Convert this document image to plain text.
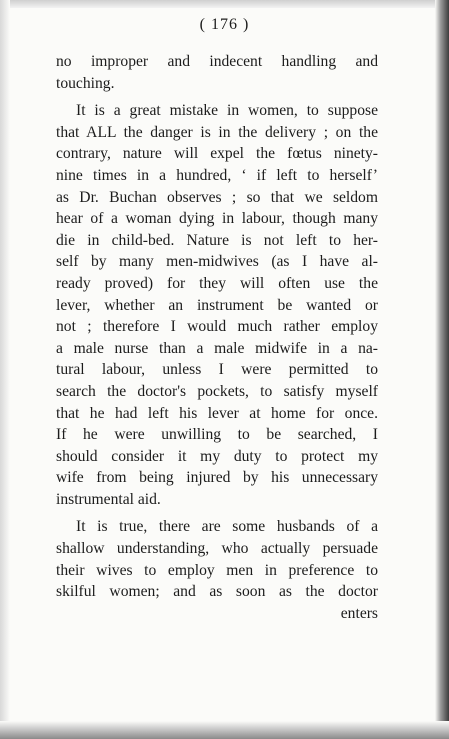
( 176 )
no improper and indecent handling and
touching.
It is a great mistake in women, to suppose
that ALL the danger is in the delivery ; on the
contrary, nature will expel the fœtus ninety-
nine times in a hundred, ‘ if left to herself’
as Dr. Buchan observes ; so that we seldom
hear of a woman dying in labour, though many
die in child-bed. Nature is not left to her-
self by many men-midwives (as I have al-
ready proved) for they will often use the
lever, whether an instrument be wanted or
not ; therefore I would much rather employ
a male nurse than a male midwife in a na-
tural labour, unless I were permitted to
search the doctor's pockets, to satisfy myself
that he had left his lever at home for once.
If he were unwilling to be searched, I
should consider it my duty to protect my
wife from being injured by his unnecessary
instrumental aid.
It is true, there are some husbands of a
shallow understanding, who actually persuade
their wives to employ men in preference to
skilful women; and as soon as the doctor
enters
